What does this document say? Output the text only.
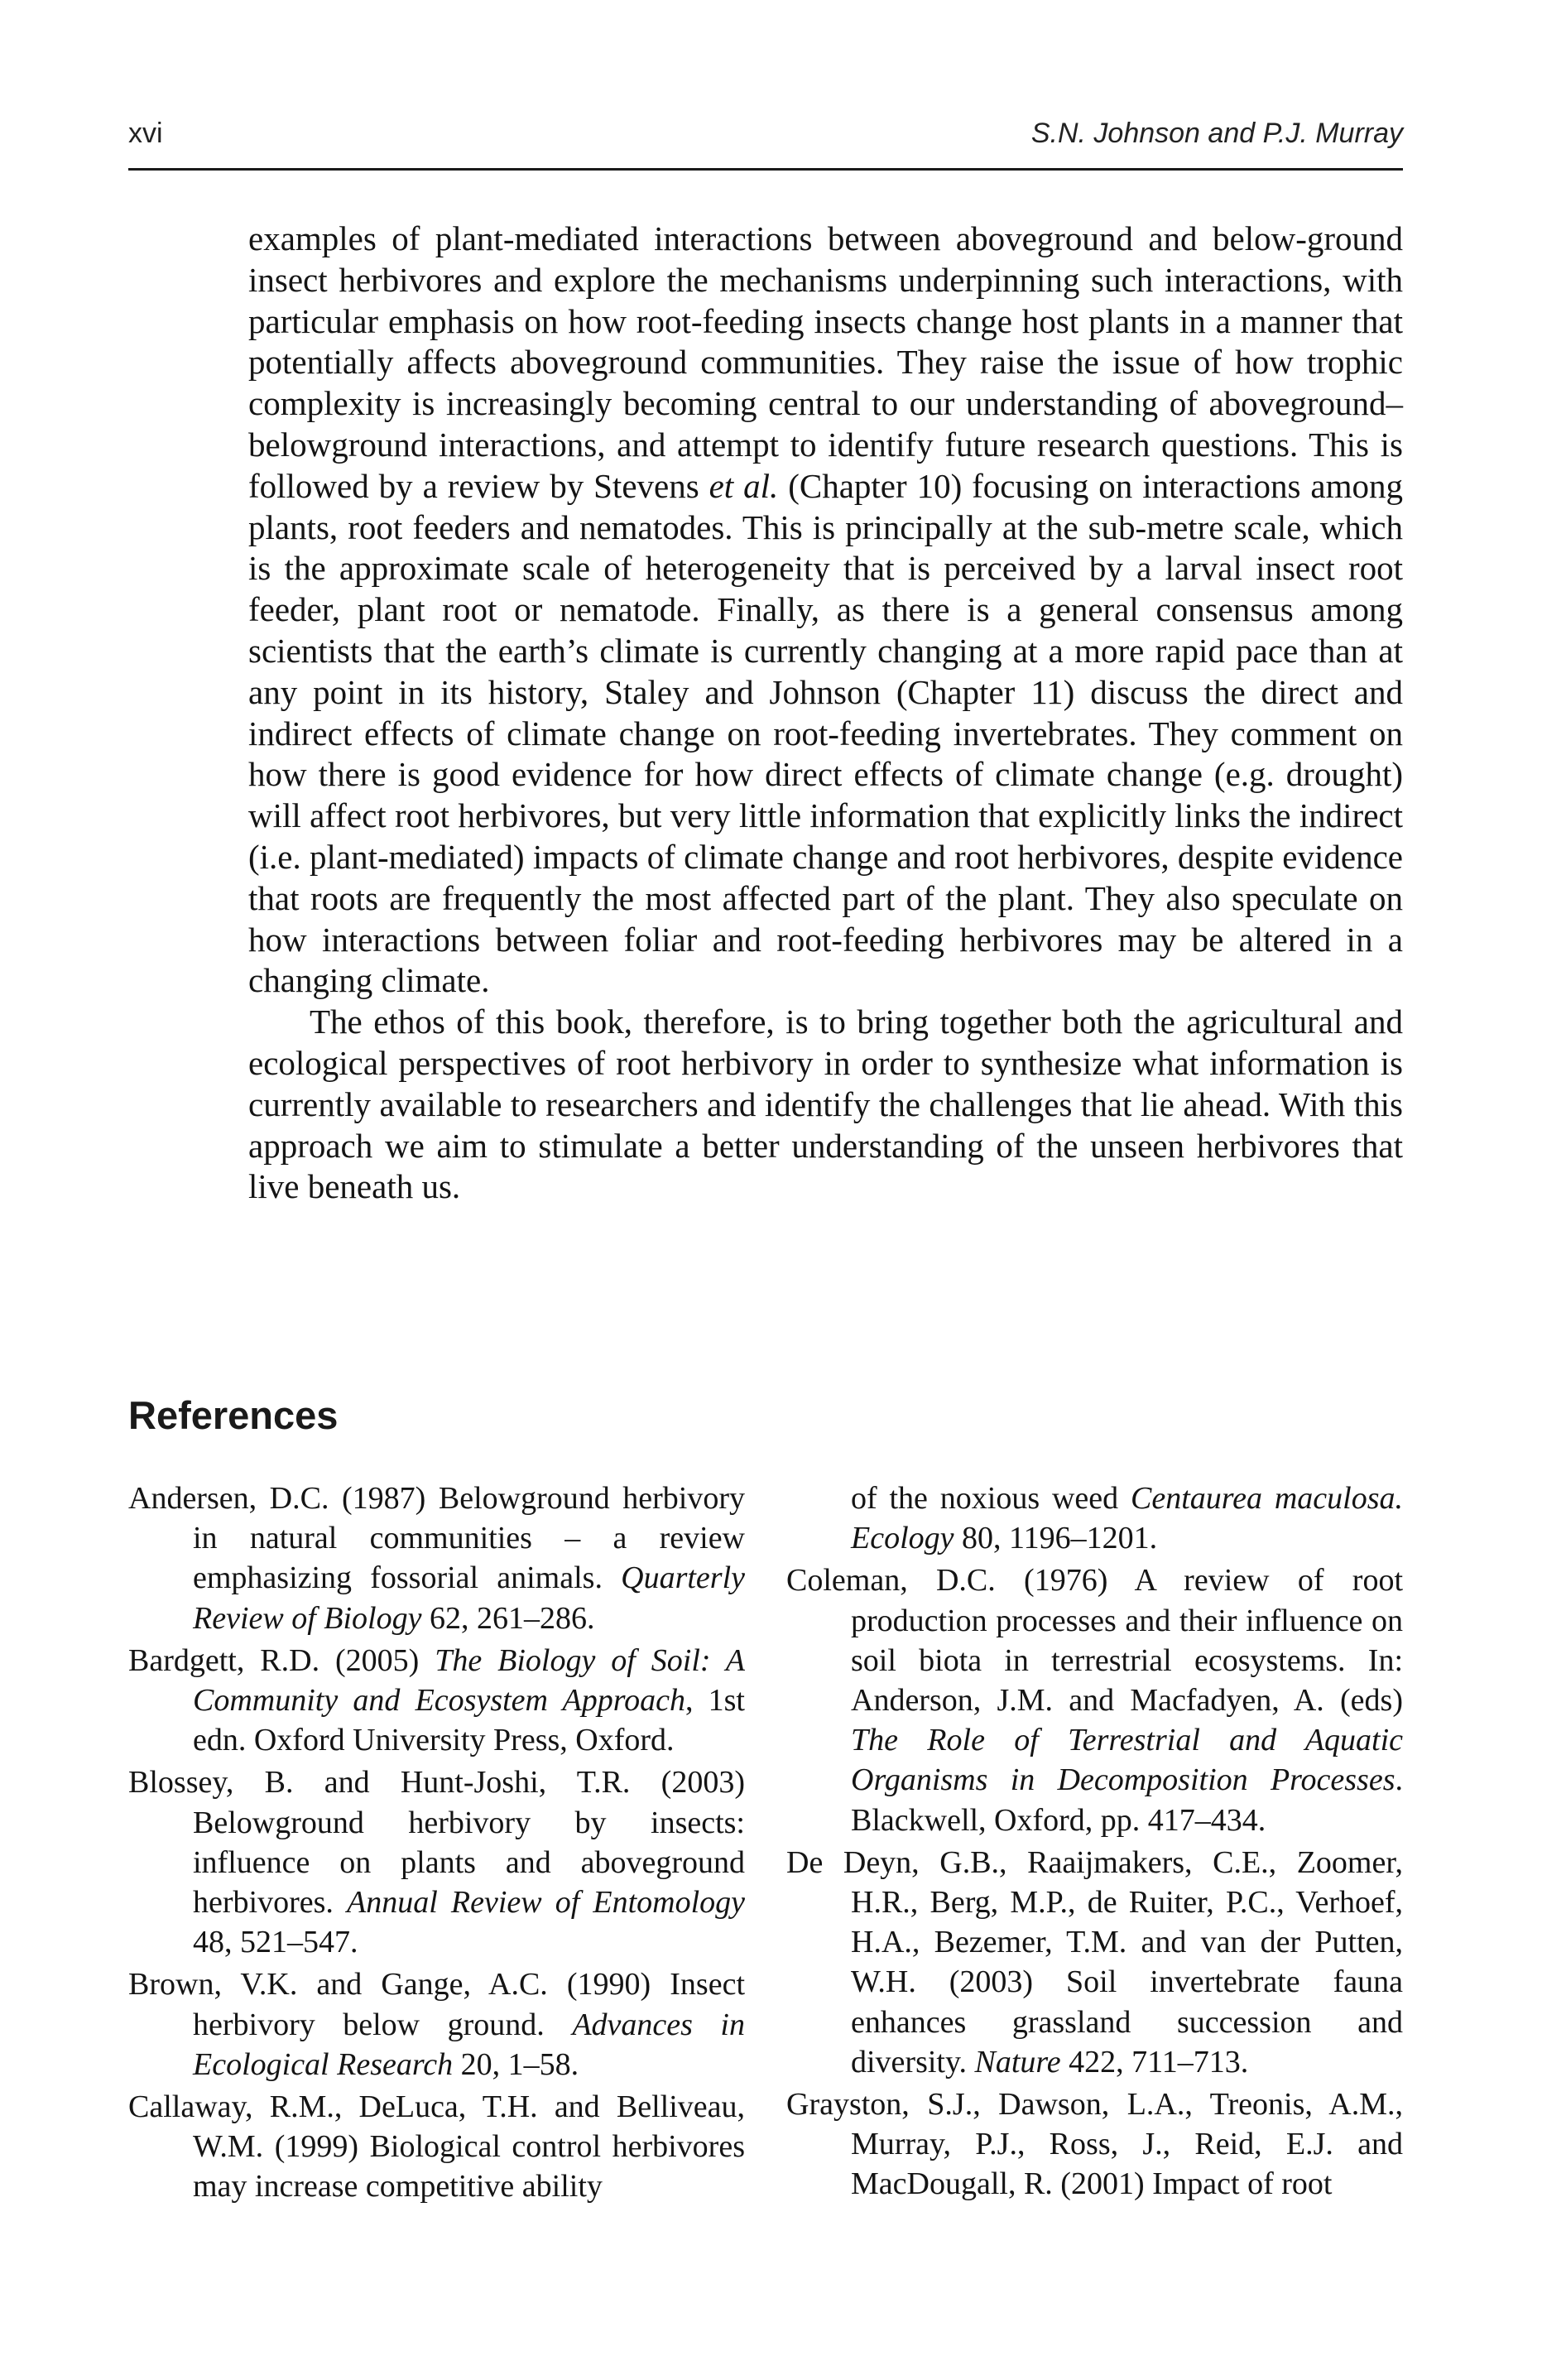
xvi	S.N. Johnson and P.J. Murray

examples of plant-mediated interactions between aboveground and below-ground insect herbivores and explore the mechanisms underpinning such interactions, with particular emphasis on how root-feeding insects change host plants in a manner that potentially affects aboveground communities. They raise the issue of how trophic complexity is increasingly becoming central to our understanding of aboveground–belowground interactions, and attempt to identify future research questions. This is followed by a review by Stevens et al. (Chapter 10) focusing on interactions among plants, root feeders and nematodes. This is principally at the sub-metre scale, which is the approximate scale of heterogeneity that is perceived by a larval insect root feeder, plant root or nematode. Finally, as there is a general consensus among scientists that the earth’s climate is currently changing at a more rapid pace than at any point in its history, Staley and Johnson (Chapter 11) discuss the direct and indirect effects of climate change on root-feeding invertebrates. They comment on how there is good evidence for how direct effects of climate change (e.g. drought) will affect root herbivores, but very little information that explicitly links the indirect (i.e. plant-mediated) impacts of climate change and root herbivores, despite evidence that roots are frequently the most affected part of the plant. They also speculate on how interactions between foliar and root-feeding herbivores may be altered in a changing climate.

The ethos of this book, therefore, is to bring together both the agricultural and ecological perspectives of root herbivory in order to synthesize what information is currently available to researchers and identify the challenges that lie ahead. With this approach we aim to stimulate a better understanding of the unseen herbivores that live beneath us.

References

Andersen, D.C. (1987) Belowground herbivory in natural communities – a review emphasizing fossorial animals. Quarterly Review of Biology 62, 261–286.

Bardgett, R.D. (2005) The Biology of Soil: A Community and Ecosystem Approach, 1st edn. Oxford University Press, Oxford.

Blossey, B. and Hunt-Joshi, T.R. (2003) Belowground herbivory by insects: influence on plants and aboveground herbivores. Annual Review of Entomology 48, 521–547.

Brown, V.K. and Gange, A.C. (1990) Insect herbivory below ground. Advances in Ecological Research 20, 1–58.

Callaway, R.M., DeLuca, T.H. and Belliveau, W.M. (1999) Biological control herbivores may increase competitive ability

of the noxious weed Centaurea maculosa. Ecology 80, 1196–1201.

Coleman, D.C. (1976) A review of root production processes and their influence on soil biota in terrestrial ecosystems. In: Anderson, J.M. and Macfadyen, A. (eds) The Role of Terrestrial and Aquatic Organisms in Decomposition Processes. Blackwell, Oxford, pp. 417–434.

De Deyn, G.B., Raaijmakers, C.E., Zoomer, H.R., Berg, M.P., de Ruiter, P.C., Verhoef, H.A., Bezemer, T.M. and van der Putten, W.H. (2003) Soil invertebrate fauna enhances grassland succession and diversity. Nature 422, 711–713.

Grayston, S.J., Dawson, L.A., Treonis, A.M., Murray, P.J., Ross, J., Reid, E.J. and MacDougall, R. (2001) Impact of root
